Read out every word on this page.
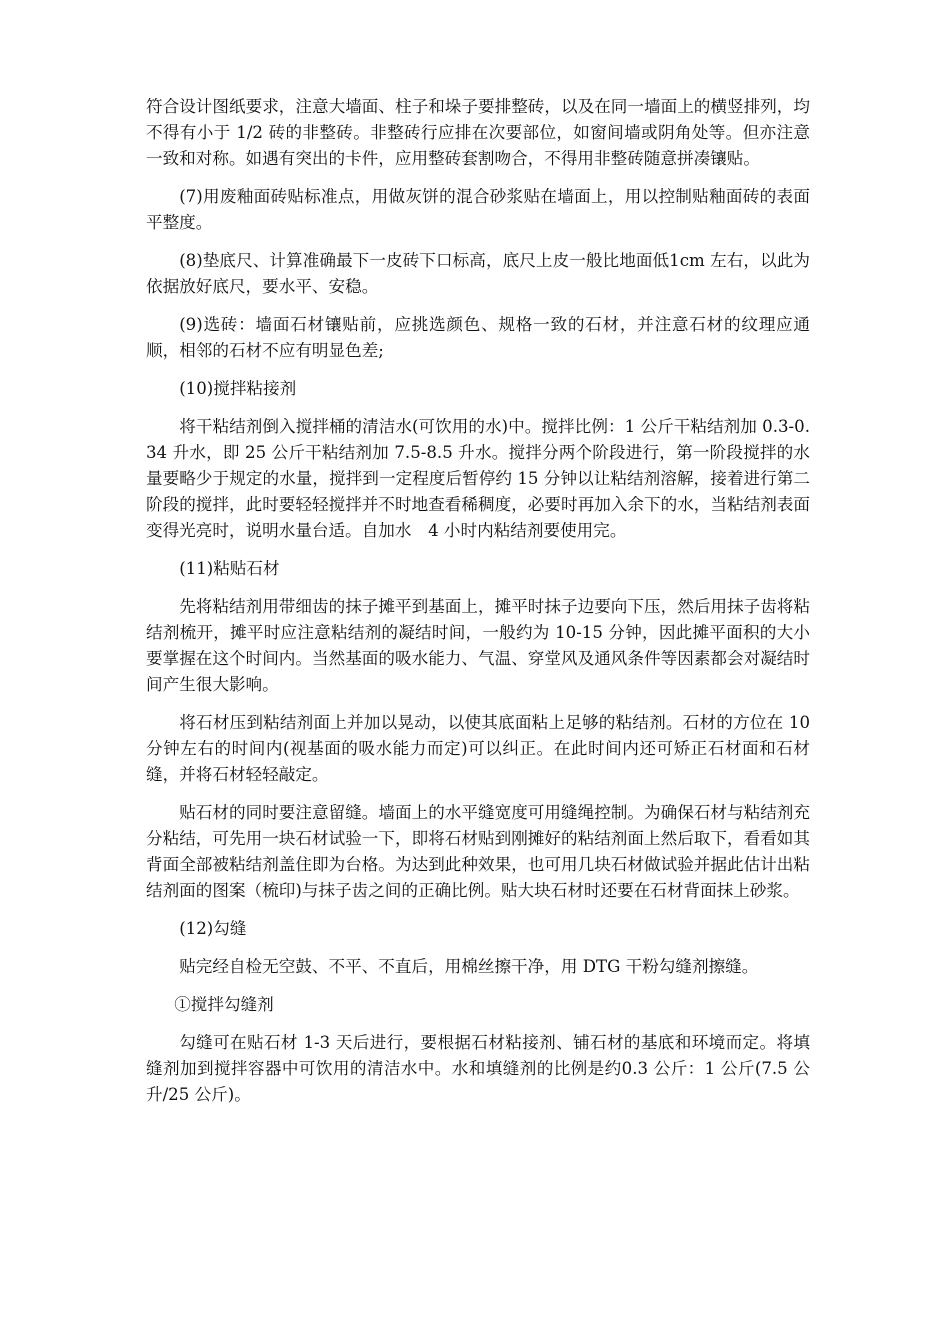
符合设计图纸要求，注意大墙面、柱子和垛子要排整砖，以及在同一墙面上的横竖排列，均不得有小于 1/2 砖的非整砖。非整砖行应排在次要部位，如窗间墙或阴角处等。但亦注意一致和对称。如遇有突出的卡件，应用整砖套割吻合，不得用非整砖随意拼凑镶贴。

(7)用废釉面砖贴标准点，用做灰饼的混合砂浆贴在墙面上，用以控制贴釉面砖的表面平整度。

(8)垫底尺、计算准确最下一皮砖下口标高，底尺上皮一般比地面低1cm 左右，以此为依据放好底尺，要水平、安稳。

(9)选砖：墙面石材镶贴前，应挑选颜色、规格一致的石材，并注意石材的纹理应通顺，相邻的石材不应有明显色差;

(10)搅拌粘接剂

将干粘结剂倒入搅拌桶的清洁水(可饮用的水)中。搅拌比例：1 公斤干粘结剂加 0.3-0.34 升水，即 25 公斤干粘结剂加 7.5-8.5 升水。搅拌分两个阶段进行，第一阶段搅拌的水量要略少于规定的水量，搅拌到一定程度后暂停约 15 分钟以让粘结剂溶解，接着进行第二阶段的搅拌，此时要轻轻搅拌并不时地查看稀稠度，必要时再加入余下的水，当粘结剂表面变得光亮时，说明水量台适。自加水　4 小时内粘结剂要使用完。

(11)粘贴石材

先将粘结剂用带细齿的抹子摊平到基面上，摊平时抹子边要向下压，然后用抹子齿将粘结剂梳开，摊平时应注意粘结剂的凝结时间，一般约为 10-15 分钟，因此摊平面积的大小要掌握在这个时间内。当然基面的吸水能力、气温、穿堂风及通风条件等因素都会对凝结时间产生很大影响。

将石材压到粘结剂面上并加以晃动，以使其底面粘上足够的粘结剂。石材的方位在 10 分钟左右的时间内(视基面的吸水能力而定)可以纠正。在此时间内还可矫正石材面和石材缝，并将石材轻轻敲定。

贴石材的同时要注意留缝。墙面上的水平缝宽度可用缝绳控制。为确保石材与粘结剂充分粘结，可先用一块石材试验一下，即将石材贴到刚摊好的粘结剂面上然后取下，看看如其背面全部被粘结剂盖住即为台格。为达到此种效果，也可用几块石材做试验并据此估计出粘结剂面的图案（梳印)与抹子齿之间的正确比例。贴大块石材时还要在石材背面抹上砂浆。

(12)勾缝

贴完经自检无空鼓、不平、不直后，用棉丝擦干净，用 DTG 干粉勾缝剂擦缝。

①搅拌勾缝剂

勾缝可在贴石材 1-3 天后进行，要根据石材粘接剂、铺石材的基底和环境而定。将填缝剂加到搅拌容器中可饮用的清洁水中。水和填缝剂的比例是约0.3 公斤：1 公斤(7.5 公升/25 公斤)。
